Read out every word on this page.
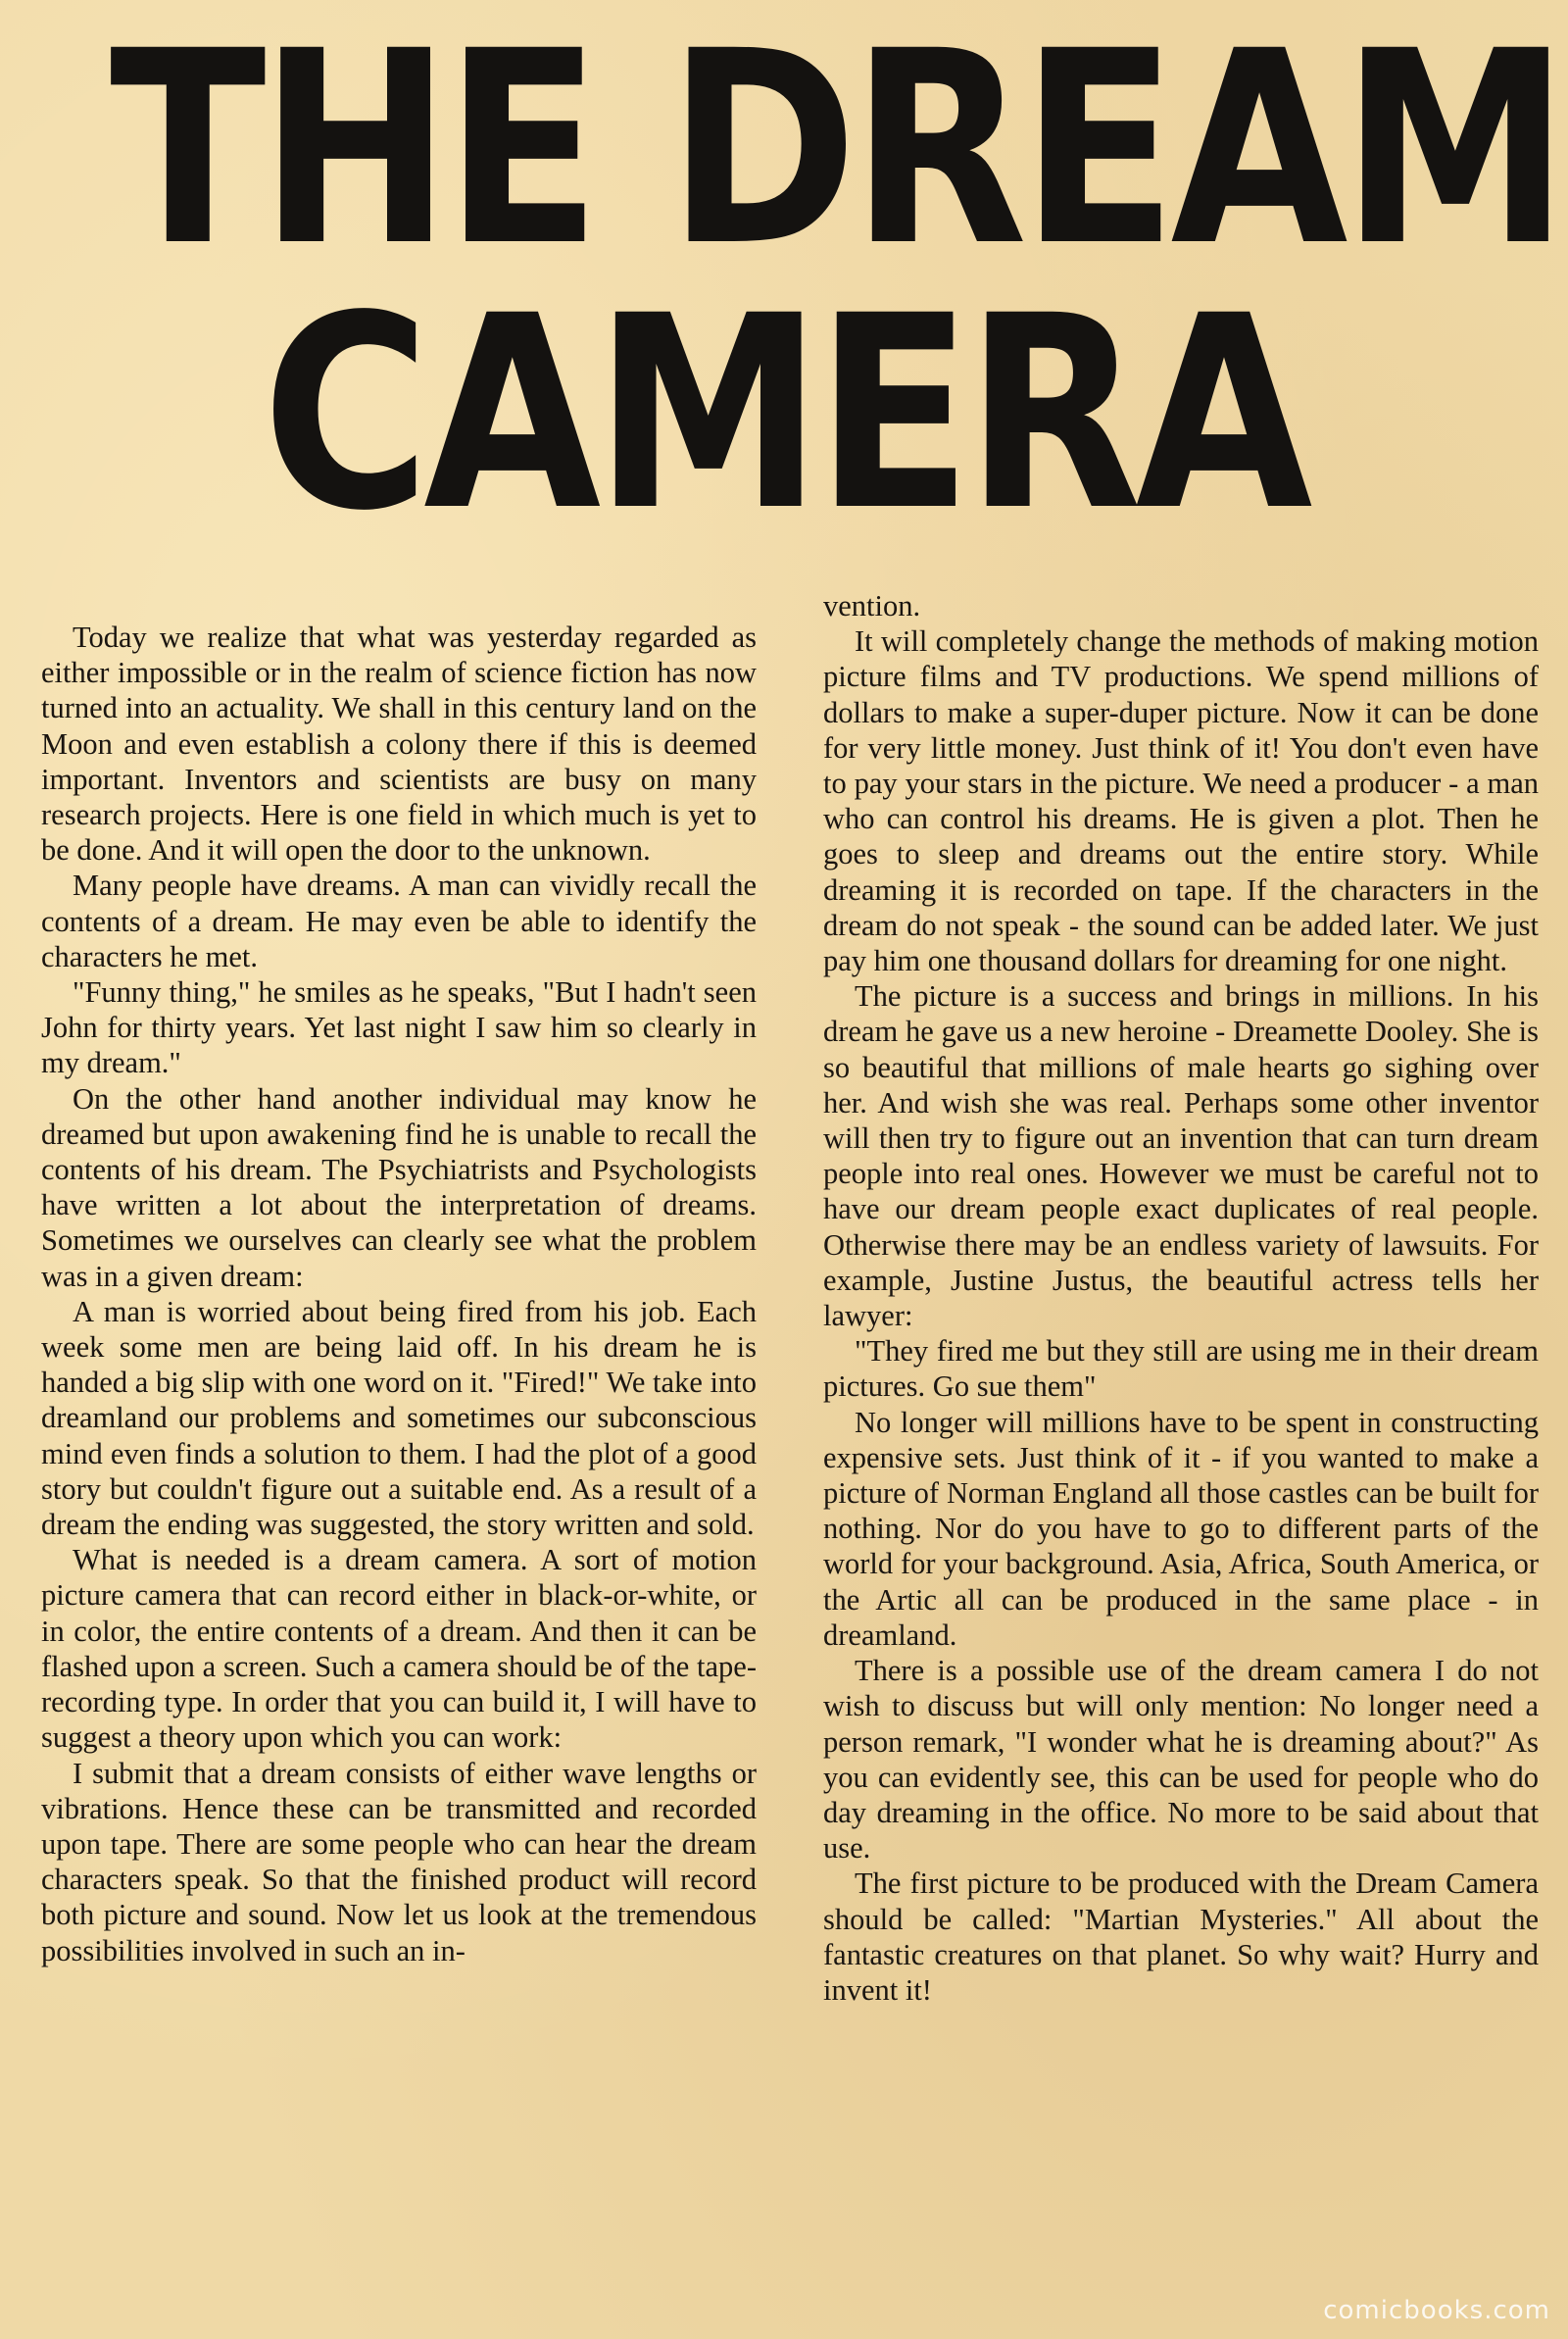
THE DREAM
CAMERA

Today we realize that what was yesterday regarded as either impossible or in the realm of science fiction has now turned into an actuality. We shall in this century land on the Moon and even establish a colony there if this is deemed important. Inventors and scientists are busy on many research projects. Here is one field in which much is yet to be done. And it will open the door to the unknown.

Many people have dreams. A man can vividly recall the contents of a dream. He may even be able to identify the characters he met.

"Funny thing," he smiles as he speaks, "But I hadn't seen John for thirty years. Yet last night I saw him so clearly in my dream."

On the other hand another individual may know he dreamed but upon awakening find he is unable to recall the contents of his dream. The Psychiatrists and Psychologists have written a lot about the interpretation of dreams. Sometimes we ourselves can clearly see what the problem was in a given dream:

A man is worried about being fired from his job. Each week some men are being laid off. In his dream he is handed a big slip with one word on it. "Fired!" We take into dreamland our problems and sometimes our subconscious mind even finds a solution to them. I had the plot of a good story but couldn't figure out a suitable end. As a result of a dream the ending was suggested, the story written and sold.

What is needed is a dream camera. A sort of motion picture camera that can record either in black-or-white, or in color, the entire contents of a dream. And then it can be flashed upon a screen. Such a camera should be of the tape-recording type. In order that you can build it, I will have to suggest a theory upon which you can work:

I submit that a dream consists of either wave lengths or vibrations. Hence these can be transmitted and recorded upon tape. There are some people who can hear the dream characters speak. So that the finished product will record both picture and sound. Now let us look at the tremendous possibilities involved in such an in-

vention.

It will completely change the methods of making motion picture films and TV productions. We spend millions of dollars to make a super-duper picture. Now it can be done for very little money. Just think of it! You don't even have to pay your stars in the picture. We need a producer - a man who can control his dreams. He is given a plot. Then he goes to sleep and dreams out the entire story. While dreaming it is recorded on tape. If the characters in the dream do not speak - the sound can be added later. We just pay him one thousand dollars for dreaming for one night.

The picture is a success and brings in millions. In his dream he gave us a new heroine - Dreamette Dooley. She is so beautiful that millions of male hearts go sighing over her. And wish she was real. Perhaps some other inventor will then try to figure out an invention that can turn dream people into real ones. However we must be careful not to have our dream people exact duplicates of real people. Otherwise there may be an endless variety of lawsuits. For example, Justine Justus, the beautiful actress tells her lawyer:

"They fired me but they still are using me in their dream pictures. Go sue them"

No longer will millions have to be spent in constructing expensive sets. Just think of it - if you wanted to make a picture of Norman England all those castles can be built for nothing. Nor do you have to go to different parts of the world for your background. Asia, Africa, South America, or the Artic all can be produced in the same place - in dreamland.

There is a possible use of the dream camera I do not wish to discuss but will only mention: No longer need a person remark, "I wonder what he is dreaming about?" As you can evidently see, this can be used for people who do day dreaming in the office. No more to be said about that use.

The first picture to be produced with the Dream Camera should be called: "Martian Mysteries." All about the fantastic creatures on that planet. So why wait? Hurry and invent it!

comicbooks.com
